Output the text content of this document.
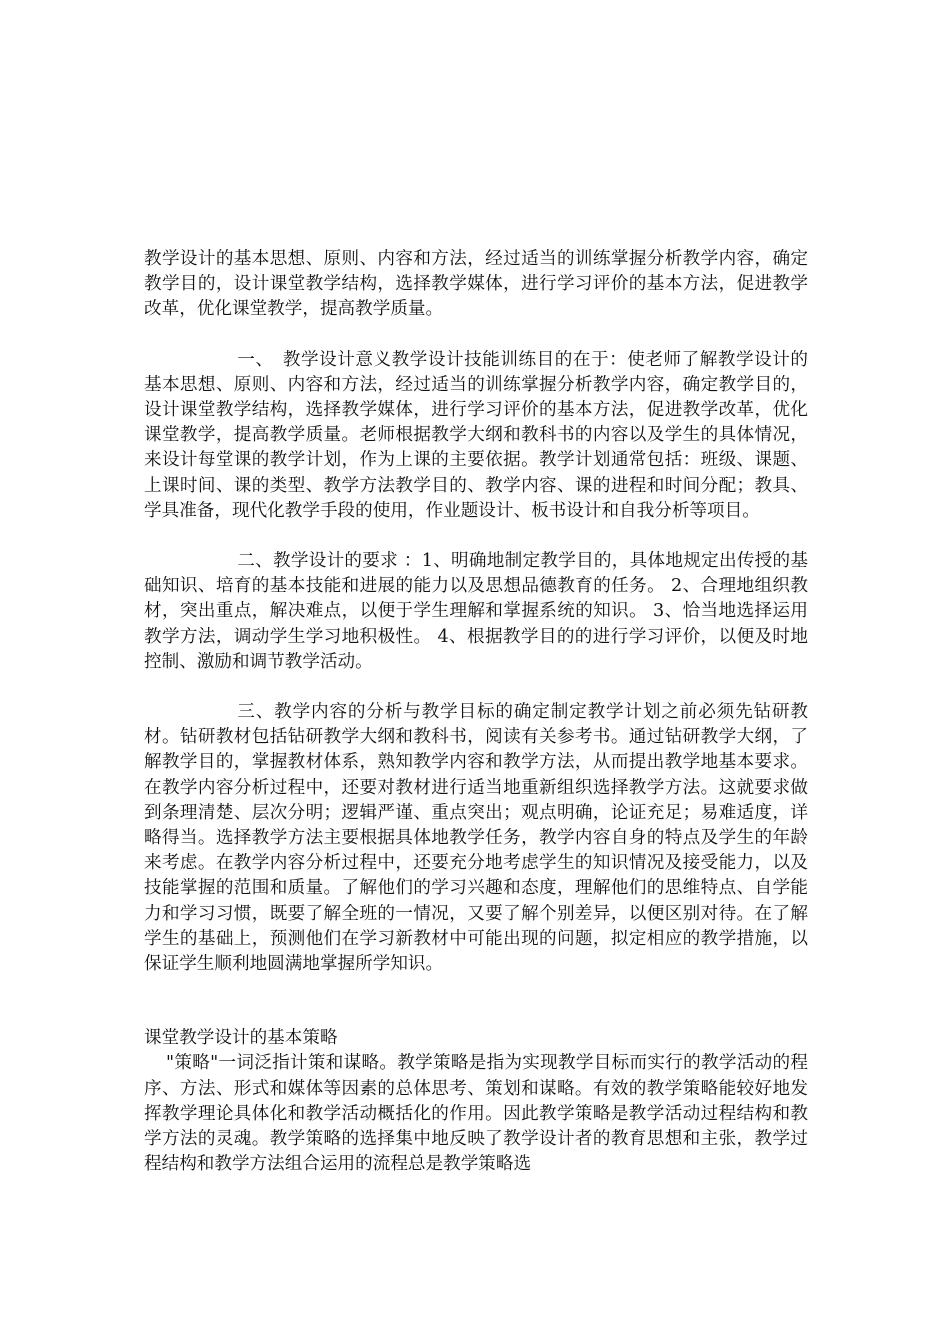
教学设计的基本思想、原则、内容和方法，经过适当的训练掌握分析教学内容，确定教学目的，设计课堂教学结构，选择教学媒体，进行学习评价的基本方法，促进教学改革，优化课堂教学，提高教学质量。

一、　教学设计意义教学设计技能训练目的在于：使老师了解教学设计的基本思想、原则、内容和方法，经过适当的训练掌握分析教学内容，确定教学目的，设计课堂教学结构，选择教学媒体，进行学习评价的基本方法，促进教学改革，优化课堂教学，提高教学质量。老师根据教学大纲和教科书的内容以及学生的具体情况，来设计每堂课的教学计划，作为上课的主要依据。教学计划通常包括：班级、课题、上课时间、课的类型、教学方法教学目的、教学内容、课的进程和时间分配；教具、学具准备，现代化教学手段的使用，作业题设计、板书设计和自我分析等项目。

二、教学设计的要求 ：1、明确地制定教学目的，具体地规定出传授的基础知识、培育的基本技能和进展的能力以及思想品德教育的任务。 2、合理地组织教材，突出重点，解决难点，以便于学生理解和掌握系统的知识。 3、恰当地选择运用教学方法，调动学生学习地积极性。 4、根据教学目的的进行学习评价，以便及时地控制、激励和调节教学活动。

三、教学内容的分析与教学目标的确定制定教学计划之前必须先钻研教材。钻研教材包括钻研教学大纲和教科书，阅读有关参考书。通过钻研教学大纲，了解教学目的，掌握教材体系，熟知教学内容和教学方法，从而提出教学地基本要求。在教学内容分析过程中，还要对教材进行适当地重新组织选择教学方法。这就要求做到条理清楚、层次分明；逻辑严谨、重点突出；观点明确，论证充足；易难适度，详略得当。选择教学方法主要根据具体地教学任务，教学内容自身的特点及学生的年龄来考虑。在教学内容分析过程中，还要充分地考虑学生的知识情况及接受能力，以及技能掌握的范围和质量。了解他们的学习兴趣和态度，理解他们的思维特点、自学能力和学习习惯，既要了解全班的一情况，又要了解个别差异，以便区别对待。在了解学生的基础上，预测他们在学习新教材中可能出现的问题，拟定相应的教学措施，以保证学生顺利地圆满地掌握所学知识。

课堂教学设计的基本策略

"策略"一词泛指计策和谋略。教学策略是指为实现教学目标而实行的教学活动的程序、方法、形式和媒体等因素的总体思考、策划和谋略。有效的教学策略能较好地发挥教学理论具体化和教学活动概括化的作用。因此教学策略是教学活动过程结构和教学方法的灵魂。教学策略的选择集中地反映了教学设计者的教育思想和主张，教学过程结构和教学方法组合运用的流程总是教学策略选
